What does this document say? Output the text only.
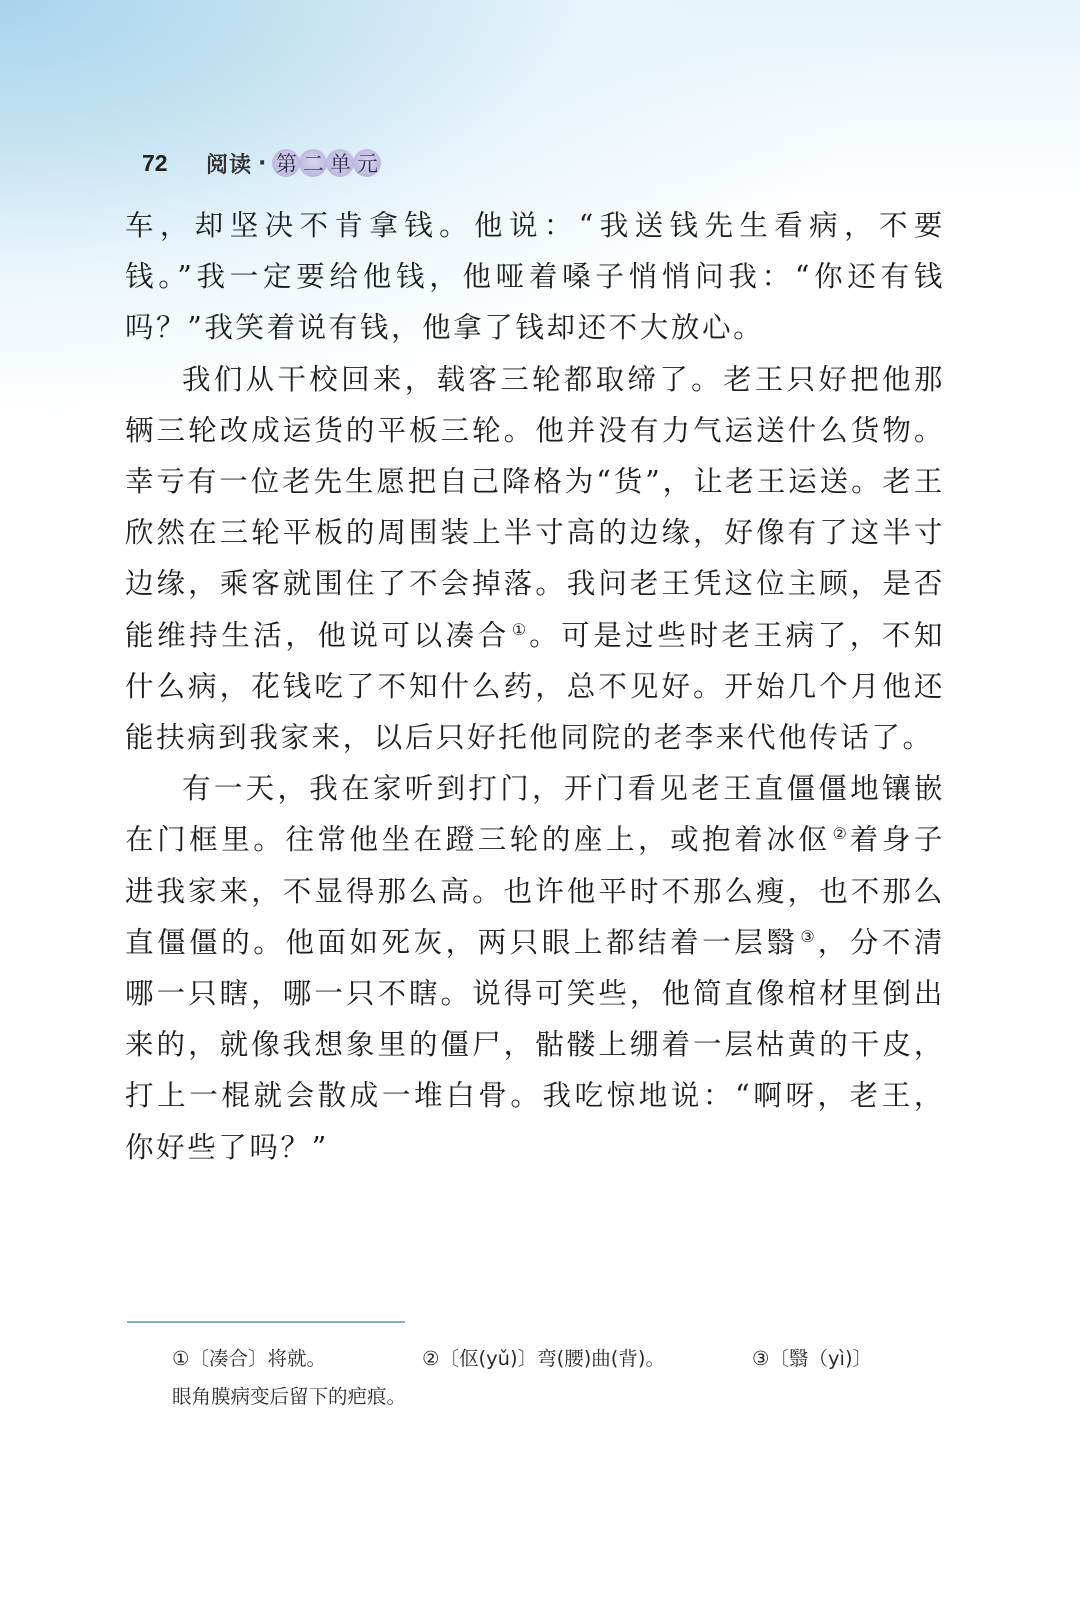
72	阅读 · 第 二 单 元

车，却坚决不肯拿钱。他说：“我送钱先生看病，不要钱。”我一定要给他钱，他哑着嗓子悄悄问我：“你还有钱吗？”我笑着说有钱，他拿了钱却还不大放心。

我们从干校回来，载客三轮都取缔了。老王只好把他那辆三轮改成运货的平板三轮。他并没有力气运送什么货物。幸亏有一位老先生愿把自己降格为“货”，让老王运送。老王欣然在三轮平板的周围装上半寸高的边缘，好像有了这半寸边缘，乘客就围住了不会掉落。我问老王凭这位主顾，是否能维持生活，他说可以凑合 ①。可是过些时老王病了，不知什么病，花钱吃了不知什么药，总不见好。开始几个月他还能扶病到我家来，以后只好托他同院的老李来代他传话了。

有一天，我在家听到打门，开门看见老王直僵僵地镶嵌在门框里。往常他坐在蹬三轮的座上，或抱着冰伛 ②着身子进我家来，不显得那么高。也许他平时不那么瘦，也不那么直僵僵的。他面如死灰，两只眼上都结着一层翳 ③，分不清哪一只瞎，哪一只不瞎。说得可笑些，他简直像棺材里倒出来的，就像我想象里的僵尸，骷髅上绷着一层枯黄的干皮，打上一棍就会散成一堆白骨。我吃惊地说：“啊呀，老王，你好些了吗？”

①〔凑合〕将就。	②〔伛(yǔ)〕弯(腰)曲(背)。	③〔翳（yì)〕
眼角膜病变后留下的疤痕。
